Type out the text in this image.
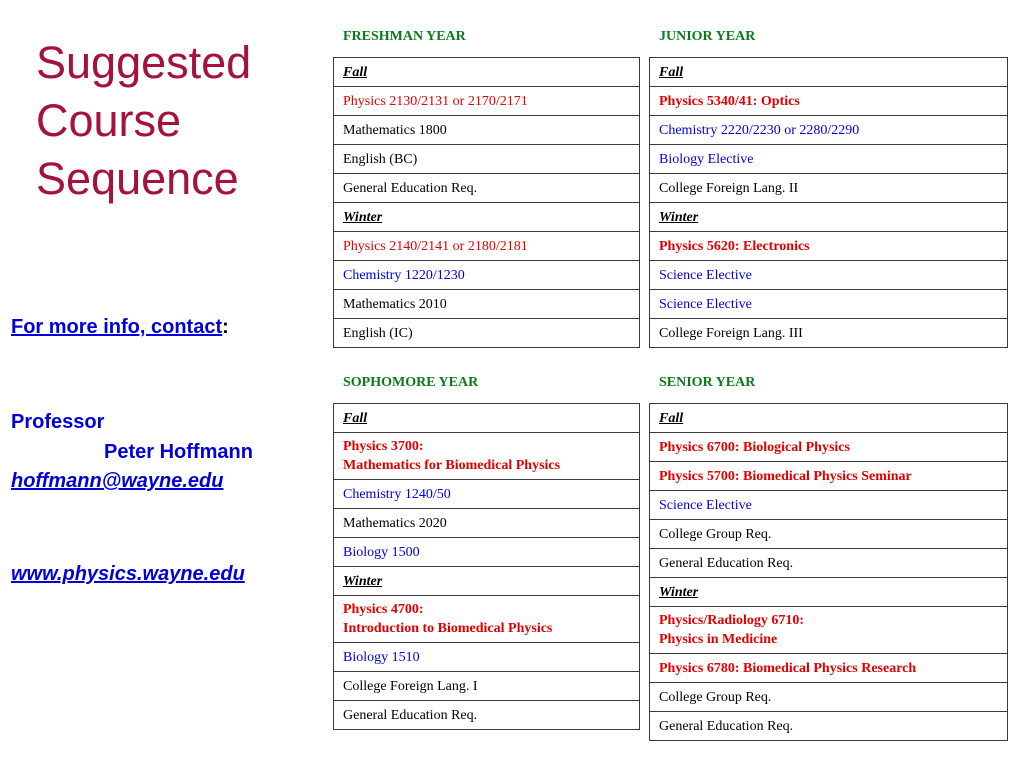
Suggested
Course
Sequence
For more info, contact:
Professor
Peter Hoffmann
hoffmann@wayne.edu
www.physics.wayne.edu
FRESHMAN YEAR
Fall
Physics 2130/2131 or 2170/2171
Mathematics 1800
English (BC)
General Education Req.
Winter
Physics 2140/2141 or 2180/2181
Chemistry 1220/1230
Mathematics 2010
English (IC)
JUNIOR YEAR
Fall
Physics 5340/41: Optics
Chemistry 2220/2230 or 2280/2290
Biology Elective
College Foreign Lang. II
Winter
Physics 5620: Electronics
Science Elective
Science Elective
College Foreign Lang. III
SOPHOMORE YEAR
Fall

Physics 3700:
Mathematics for Biomedical Physics

Chemistry 1240/50
Mathematics 2020
Biology 1500
Winter

Physics 4700:
Introduction to Biomedical Physics

Biology 1510
College Foreign Lang. I
General Education Req.
SENIOR YEAR
Fall
Physics 6700: Biological Physics
Physics 5700: Biomedical Physics Seminar
Science Elective
College Group Req.
General Education Req.
Winter

Physics/Radiology 6710:
Physics in Medicine

Physics 6780: Biomedical Physics Research
College Group Req.
General Education Req.
